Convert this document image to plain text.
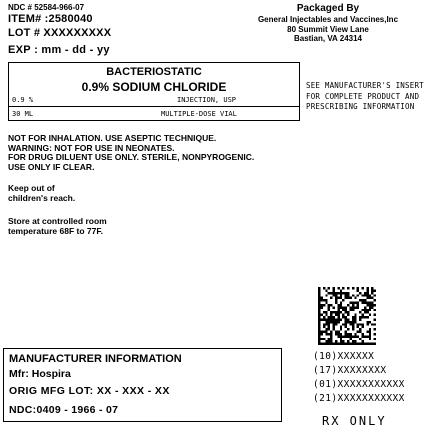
NDC # 52584-966-07
ITEM# :2580040
LOT # XXXXXXXXX
EXP : mm - dd - yy
Packaged By
General Injectables and Vaccines,Inc
80 Summit View Lane
Bastian, VA 24314
BACTERIOSTATIC
0.9% SODIUM CHLORIDE
0.9 %	INJECTION, USP
30 ML	MULTIPLE-DOSE VIAL
SEE MANUFACTURER'S INSERT
FOR COMPLETE PRODUCT AND
PRESCRIBING INFORMATION
NOT FOR INHALATION. USE ASEPTIC TECHNIQUE.
WARNING: NOT FOR USE IN NEONATES.
FOR DRUG DILUENT USE ONLY. STERILE, NONPYROGENIC.
USE ONLY IF CLEAR.
Keep out of
children's reach.
Store at controlled room
temperature 68F to 77F.
MANUFACTURER INFORMATION
Mfr: Hospira
ORIG MFG LOT: XX - XXX - XX
NDC:0409 - 1966 - 07
(10)XXXXXX
(17)XXXXXXXX
(01)XXXXXXXXXXX
(21)XXXXXXXXXXX
RX ONLY
